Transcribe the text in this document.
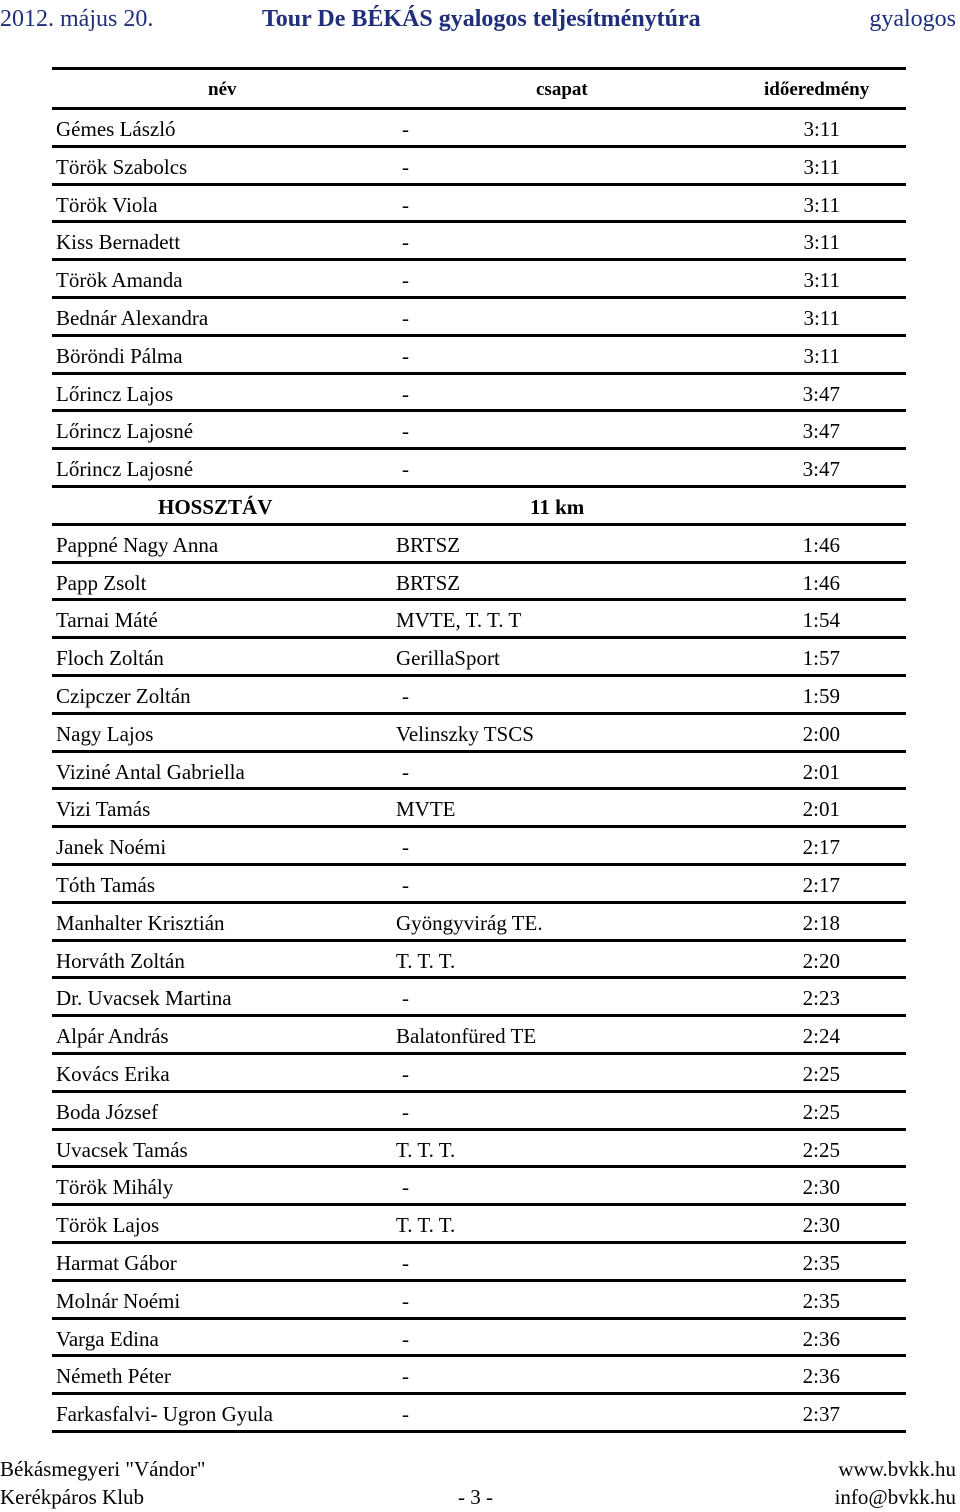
2012. május 20.	Tour De BÉKÁS gyalogos teljesítménytúra	gyalogos
név	csapat	időeredmény
Gémes László	-	3:11
Török Szabolcs	-	3:11
Török Viola	-	3:11
Kiss Bernadett	-	3:11
Török Amanda	-	3:11
Bednár Alexandra	-	3:11
Böröndi Pálma	-	3:11
Lőrincz Lajos	-	3:47
Lőrincz Lajosné	-	3:47
Lőrincz Lajosné	-	3:47
HOSSZTÁV	11 km
Pappné Nagy Anna	BRTSZ	1:46
Papp Zsolt	BRTSZ	1:46
Tarnai Máté	MVTE, T. T. T	1:54
Floch Zoltán	GerillaSport	1:57
Czipczer Zoltán	-	1:59
Nagy Lajos	Velinszky TSCS	2:00
Viziné Antal Gabriella	-	2:01
Vizi Tamás	MVTE	2:01
Janek Noémi	-	2:17
Tóth Tamás	-	2:17
Manhalter Krisztián	Gyöngyvirág TE.	2:18
Horváth Zoltán	T. T. T.	2:20
Dr. Uvacsek Martina	-	2:23
Alpár András	Balatonfüred TE	2:24
Kovács Erika	-	2:25
Boda József	-	2:25
Uvacsek Tamás	T. T. T.	2:25
Török Mihály	-	2:30
Török Lajos	T. T. T.	2:30
Harmat Gábor	-	2:35
Molnár Noémi	-	2:35
Varga Edina	-	2:36
Németh Péter	-	2:36
Farkasfalvi- Ugron Gyula	-	2:37
Békásmegyeri "Vándor"
Kerékpáros Klub	- 3 -
www.bvkk.hu
info@bvkk.hu
